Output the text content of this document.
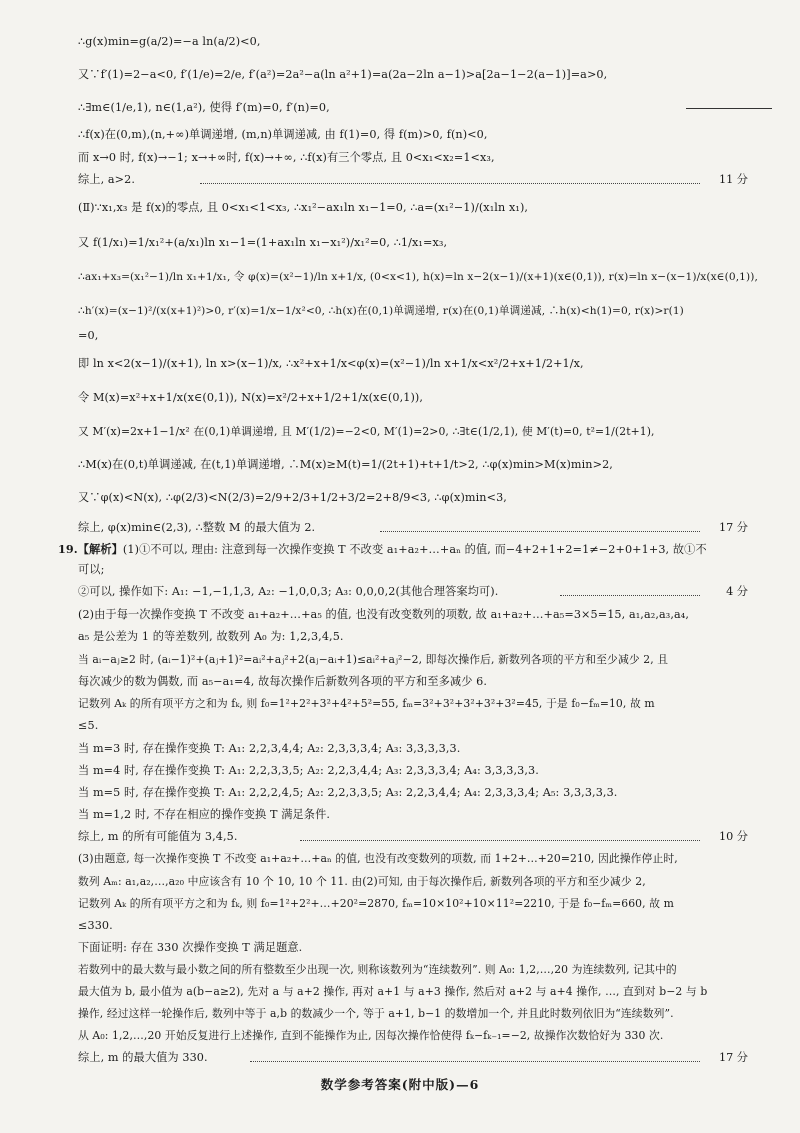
∴g(x)min=g(a/2)=−a ln(a/2)<0,
又∵f′(1)=2−a<0, f′(1/e)=2/e, f′(a²)=2a²−a(ln a²+1)=a(2a−2ln a−1)>a[2a−1−2(a−1)]=a>0,
∴∃m∈(1/e,1), n∈(1,a²), 使得 f′(m)=0, f′(n)=0,
∴f(x)在(0,m),(n,+∞)单调递增, (m,n)单调递减, 由 f(1)=0, 得 f(m)>0, f(n)<0,
而 x→0 时, f(x)→−1; x→+∞时, f(x)→+∞, ∴f(x)有三个零点, 且 0<x₁<x₂=1<x₃,
综上, a>2.	11 分
(Ⅱ)∵x₁,x₃ 是 f(x)的零点, 且 0<x₁<1<x₃, ∴x₁²−ax₁ln x₁−1=0, ∴a=(x₁²−1)/(x₁ln x₁),
又 f(1/x₁)=1/x₁²+(a/x₁)ln x₁−1=(1+ax₁ln x₁−x₁²)/x₁²=0, ∴1/x₁=x₃,
∴ax₁+x₃=(x₁²−1)/ln x₁+1/x₁, 令 φ(x)=(x²−1)/ln x+1/x, (0<x<1), h(x)=ln x−2(x−1)/(x+1)(x∈(0,1)), r(x)=ln x−(x−1)/x(x∈(0,1)),
∴h′(x)=(x−1)²/(x(x+1)²)>0, r′(x)=1/x−1/x²<0, ∴h(x)在(0,1)单调递增, r(x)在(0,1)单调递减, ∴h(x)<h(1)=0, r(x)>r(1)
=0,
即 ln x<2(x−1)/(x+1), ln x>(x−1)/x, ∴x²+x+1/x<φ(x)=(x²−1)/ln x+1/x<x²/2+x+1/2+1/x,
令 M(x)=x²+x+1/x(x∈(0,1)), N(x)=x²/2+x+1/2+1/x(x∈(0,1)),
又 M′(x)=2x+1−1/x² 在(0,1)单调递增, 且 M′(1/2)=−2<0, M′(1)=2>0, ∴∃t∈(1/2,1), 使 M′(t)=0, t²=1/(2t+1),
∴M(x)在(0,t)单调递减, 在(t,1)单调递增, ∴M(x)≥M(t)=1/(2t+1)+t+1/t>2, ∴φ(x)min>M(x)min>2,
又∵φ(x)<N(x), ∴φ(2/3)<N(2/3)=2/9+2/3+1/2+3/2=2+8/9<3, ∴φ(x)min<3,
综上, φ(x)min∈(2,3), ∴整数 M 的最大值为 2.	17 分
19.【解析】(1)①不可以, 理由: 注意到每一次操作变换 T 不改变 a₁+a₂+…+aₙ 的值, 而−4+2+1+2=1≠−2+0+1+3, 故①不
可以;
②可以, 操作如下: A₁: −1,−1,1,3, A₂: −1,0,0,3; A₃: 0,0,0,2(其他合理答案均可).	4 分
(2)由于每一次操作变换 T 不改变 a₁+a₂+…+a₅ 的值, 也没有改变数列的项数, 故 a₁+a₂+…+a₅=3×5=15, a₁,a₂,a₃,a₄,
a₅ 是公差为 1 的等差数列, 故数列 A₀ 为: 1,2,3,4,5.
当 aᵢ−aⱼ≥2 时, (aᵢ−1)²+(aⱼ+1)²=aᵢ²+aⱼ²+2(aⱼ−aᵢ+1)≤aᵢ²+aⱼ²−2, 即每次操作后, 新数列各项的平方和至少减少 2, 且
每次减少的数为偶数, 而 a₅−a₁=4, 故每次操作后新数列各项的平方和至多减少 6.
记数列 Aₖ 的所有项平方之和为 fₖ, 则 f₀=1²+2²+3²+4²+5²=55, fₘ=3²+3²+3²+3²+3²=45, 于是 f₀−fₘ=10, 故 m
≤5.
当 m=3 时, 存在操作变换 T: A₁: 2,2,3,4,4; A₂: 2,3,3,3,4; A₃: 3,3,3,3,3.
当 m=4 时, 存在操作变换 T: A₁: 2,2,3,3,5; A₂: 2,2,3,4,4; A₃: 2,3,3,3,4; A₄: 3,3,3,3,3.
当 m=5 时, 存在操作变换 T: A₁: 2,2,2,4,5; A₂: 2,2,3,3,5; A₃: 2,2,3,4,4; A₄: 2,3,3,3,4; A₅: 3,3,3,3,3.
当 m=1,2 时, 不存在相应的操作变换 T 满足条件.
综上, m 的所有可能值为 3,4,5.	10 分
(3)由题意, 每一次操作变换 T 不改变 a₁+a₂+…+aₙ 的值, 也没有改变数列的项数, 而 1+2+…+20=210, 因此操作停止时,
数列 Aₘ: a₁,a₂,…,a₂₀ 中应该含有 10 个 10, 10 个 11. 由(2)可知, 由于每次操作后, 新数列各项的平方和至少减少 2,
记数列 Aₖ 的所有项平方之和为 fₖ, 则 f₀=1²+2²+…+20²=2870, fₘ=10×10²+10×11²=2210, 于是 f₀−fₘ=660, 故 m
≤330.
下面证明: 存在 330 次操作变换 T 满足题意.
若数列中的最大数与最小数之间的所有整数至少出现一次, 则称该数列为“连续数列”. 则 A₀: 1,2,…,20 为连续数列, 记其中的
最大值为 b, 最小值为 a(b−a≥2), 先对 a 与 a+2 操作, 再对 a+1 与 a+3 操作, 然后对 a+2 与 a+4 操作, …, 直到对 b−2 与 b
操作, 经过这样一轮操作后, 数列中等于 a,b 的数减少一个, 等于 a+1, b−1 的数增加一个, 并且此时数列依旧为“连续数列”.
从 A₀: 1,2,…,20 开始反复进行上述操作, 直到不能操作为止, 因每次操作恰使得 fₖ−fₖ₋₁=−2, 故操作次数恰好为 330 次.
综上, m 的最大值为 330.	17 分
数学参考答案(附中版)—6
